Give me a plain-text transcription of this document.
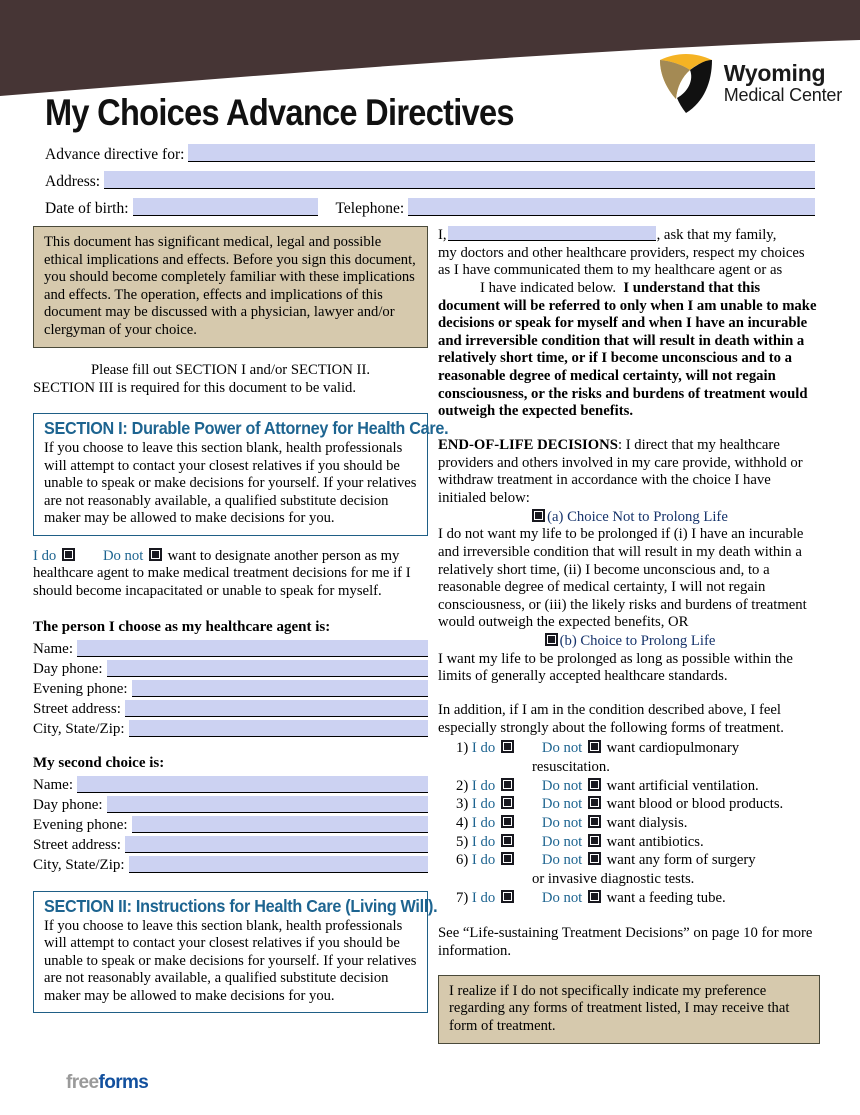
Wyoming
Medical Center
My Choices Advance Directives
Advance directive for:
Address:
Date of birth:	Telephone:
This document has significant medical, legal and possible ethical implications and effects. Before you sign this document, you should become completely familiar with these implications and effects. The operation, effects and implications of this document may be discussed with a physician, lawyer and/or clergyman of your choice.

Please fill out SECTION I and/or SECTION II.

SECTION III is required for this document to be valid.

SECTION I: Durable Power of Attorney for Health Care.
If you choose to leave this section blank, health professionals will attempt to contact your closest relatives if you should be unable to speak or make decisions for yourself. If your relatives are not reasonably available, a qualified substitute decision maker may be allowed to make decisions for you.

I do	Do not want to designate another person as my healthcare agent to make medical treatment decisions for me if I should become incapacitated or unable to speak for myself.

The person I choose as my healthcare agent is:
Name:
Day phone:
Evening phone:
Street address:
City, State/Zip:
My second choice is:
Name:
Day phone:
Evening phone:
Street address:
City, State/Zip:
SECTION II: Instructions for Health Care (Living Will).
If you choose to leave this section blank, health professionals will attempt to contact your closest relatives if you should be unable to speak or make decisions for yourself. If your relatives are not reasonably available, a qualified substitute decision maker may be allowed to make decisions for you.

I,	, ask that my family,my doctors and other healthcare providers, respect my choices as I have communicated them to my healthcare agent or asI have indicated below. I understand that this document will be referred to only when I am unable to make decisions or speak for myself and when I have an incurable and irreversible condition that will result in death within a relatively short time, or if I become unconscious and to a reasonable degree of medical certainty, will not regain consciousness, or the risks and burdens of treatment would outweigh the expected benefits.

END-OF-LIFE DECISIONS: I direct that my healthcare providers and others involved in my care provide, withhold or withdraw treatment in accordance with the choice I have initialed below:

(a) Choice Not to Prolong Life

I do not want my life to be prolonged if (i) I have an incurable and irreversible condition that will result in my death within a relatively short time, (ii) I become unconscious and, to a reasonable degree of medical certainty, I will not regain consciousness, or (iii) the likely risks and burdens of treatment would outweigh the expected benefits, OR

(b) Choice to Prolong Life

I want my life to be prolonged as long as possible within the limits of generally accepted healthcare standards.

In addition, if I am in the condition described above, I feel especially strongly about the following forms of treatment.

1) I do	Do not want cardiopulmonary
resuscitation.
2) I do	Do not want artificial ventilation.
3) I do	Do not want blood or blood products.
4) I do	Do not want dialysis.
5) I do	Do not want antibiotics.
6) I do	Do not want any form of surgery
or invasive diagnostic tests.
7) I do	Do not want a feeding tube.

See “Life-sustaining Treatment Decisions” on page 10 for more information.

I realize if I do not specifically indicate my preference regarding any forms of treatment listed, I may receive that form of treatment.
freeforms
